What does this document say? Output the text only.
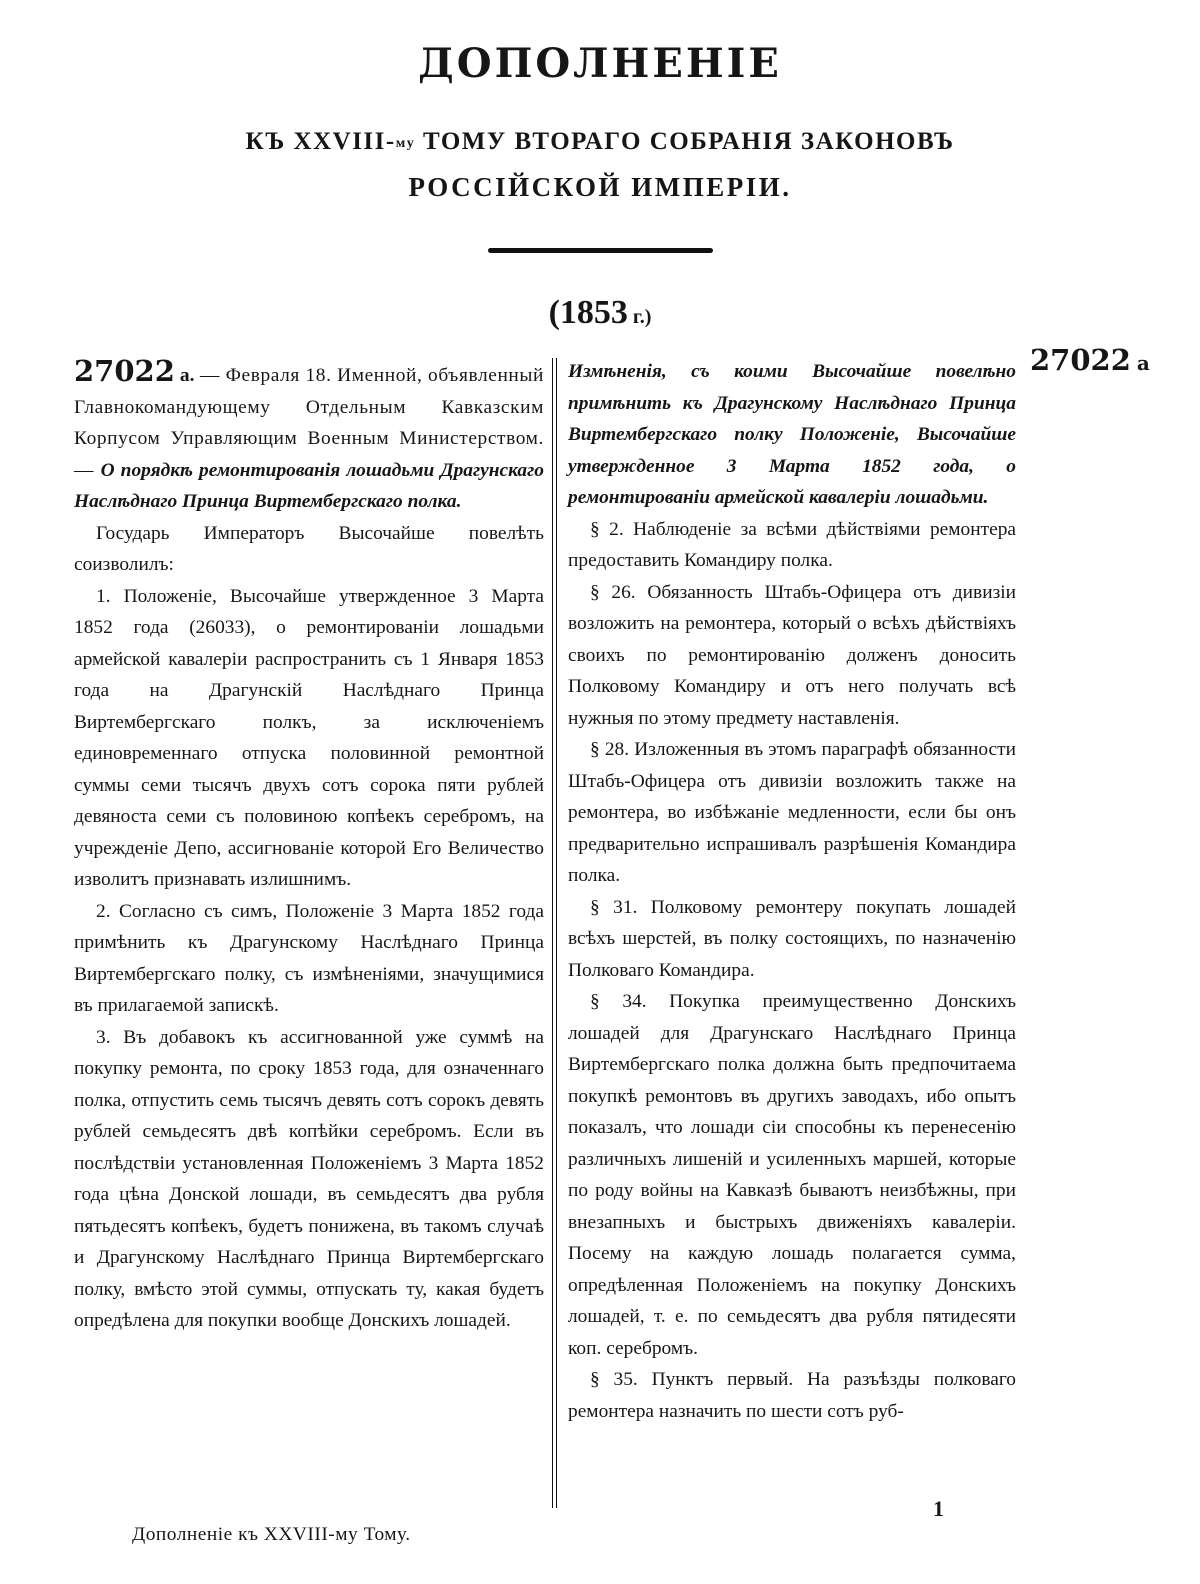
ДОПОЛНЕНІЕ
КЪ XXVIII-му ТОМУ ВТОРАГО СОБРАНІЯ ЗАКОНОВЪ
РОССІЙСКОЙ ИМПЕРІИ.
(1853 г.)

27022 а. — Февраля 18. Именной, объявленный Главнокомандующему Отдельным Кавказским Корпусом Управляющим Военным Министерством.— О порядкѣ ремонтированія лошадьми Драгунскаго Наслѣднаго Принца Виртембергскаго полка.

Государь Императоръ Высочайше повелѣть соизволилъ:

1. Положеніе, Высочайше утвержденное 3 Марта 1852 года (26033), о ремонтированіи лошадьми армейской кавалеріи распространить съ 1 Января 1853 года на Драгунскій Наслѣднаго Принца Виртембергскаго полкъ, за исключеніемъ единовременнаго отпуска половинной ремонтной суммы семи тысячъ двухъ сотъ сорока пяти рублей девяноста семи съ половиною копѣекъ серебромъ, на учрежденіе Депо, ассигнованіе которой Его Величество изволитъ признавать излишнимъ.

2. Согласно съ симъ, Положеніе 3 Марта 1852 года примѣнить къ Драгунскому Наслѣднаго Принца Виртембергскаго полку, съ измѣненіями, значущимися въ прилагаемой запискѣ.

3. Въ добавокъ къ ассигнованной уже суммѣ на покупку ремонта, по сроку 1853 года, для означеннаго полка, отпустить семь тысячъ девять сотъ сорокъ девять рублей семьдесятъ двѣ копѣйки серебромъ. Если въ послѣдствіи установленная Положеніемъ 3 Марта 1852 года цѣна Донской лошади, въ семьдесятъ два рубля пятьдесятъ копѣекъ, будетъ понижена, въ такомъ случаѣ и Драгунскому Наслѣднаго Принца Виртембергскаго полку, вмѣсто этой суммы, отпускать ту, какая будетъ опредѣлена для покупки вообще Донскихъ лошадей.

Измѣненія, съ коими Высочайше повелѣно примѣнить къ Драгунскому Наслѣднаго Принца Виртембергскаго полку Положеніе, Высочайше утвержденное 3 Марта 1852 года, о ремонтированіи армейской кавалеріи лошадьми.

§ 2. Наблюденіе за всѣми дѣйствіями ремонтера предоставить Командиру полка.

§ 26. Обязанность Штабъ-Офицера отъ дивизіи возложить на ремонтера, который о всѣхъ дѣйствіяхъ своихъ по ремонтированію долженъ доносить Полковому Командиру и отъ него получать всѣ нужныя по этому предмету наставленія.

§ 28. Изложенныя въ этомъ параграфѣ обязанности Штабъ-Офицера отъ дивизіи возложить также на ремонтера, во избѣжаніе медленности, если бы онъ предварительно испрашивалъ разрѣшенія Командира полка.

§ 31. Полковому ремонтеру покупать лошадей всѣхъ шерстей, въ полку состоящихъ, по назначенію Полковаго Командира.

§ 34. Покупка преимущественно Донскихъ лошадей для Драгунскаго Наслѣднаго Принца Виртембергскаго полка должна быть предпочитаема покупкѣ ремонтовъ въ другихъ заводахъ, ибо опытъ показалъ, что лошади сіи способны къ перенесенію различныхъ лишеній и усиленныхъ маршей, которые по роду войны на Кавказѣ бываютъ неизбѣжны, при внезапныхъ и быстрыхъ движеніяхъ кавалеріи. Посему на каждую лошадь полагается сумма, опредѣленная Положеніемъ на покупку Донскихъ лошадей, т. е. по семьдесятъ два рубля пятидесяти коп. серебромъ.

§ 35. Пунктъ первый. На разъѣзды полковаго ремонтера назначить по шести сотъ руб-

27022 а
1
Дополненіе къ XXVIII-му Тому.
